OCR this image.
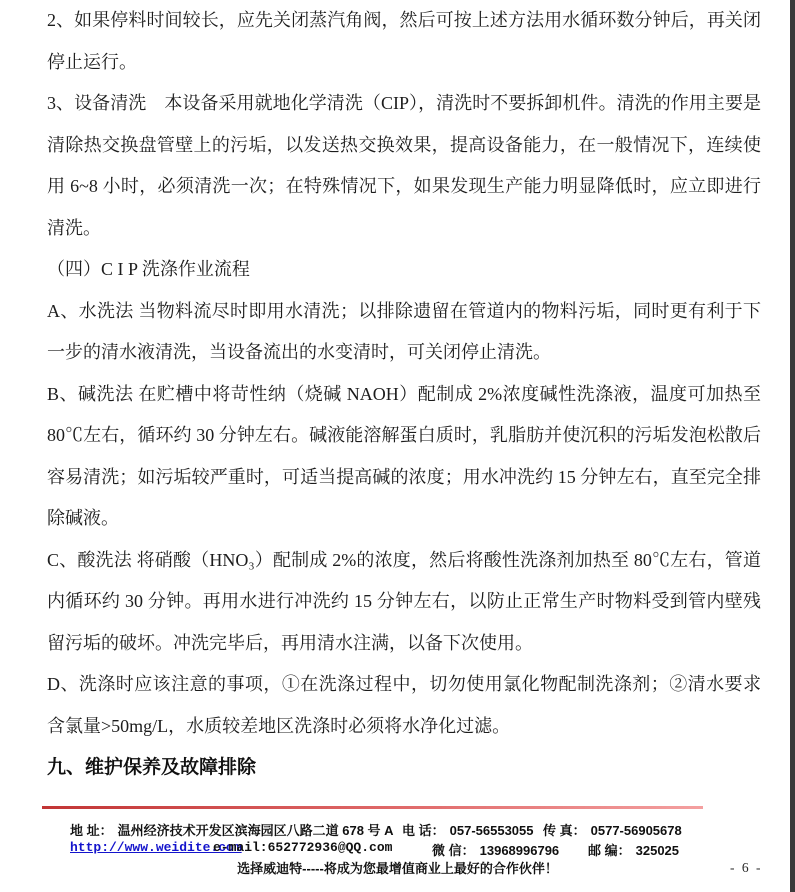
2、如果停料时间较长，应先关闭蒸汽角阀，然后可按上述方法用水循环数分钟后，再关闭停止运行。

3、设备清洗　本设备采用就地化学清洗（CIP），清洗时不要拆卸机件。清洗的作用主要是清除热交换盘管壁上的污垢，以发送热交换效果，提高设备能力，在一般情况下，连续使用 6~8 小时，必须清洗一次；在特殊情况下，如果发现生产能力明显降低时，应立即进行清洗。

（四）C I P 洗涤作业流程

A、水洗法 当物料流尽时即用水清洗；以排除遗留在管道内的物料污垢，同时更有利于下一步的清水液清洗，当设备流出的水变清时，可关闭停止清洗。

B、碱洗法 在贮槽中将苛性纳（烧碱 NAOH）配制成 2%浓度碱性洗涤液，温度可加热至 80℃左右，循环约 30 分钟左右。碱液能溶解蛋白质时，乳脂肪并使沉积的污垢发泡松散后容易清洗；如污垢较严重时，可适当提高碱的浓度；用水冲洗约 15 分钟左右，直至完全排除碱液。

C、酸洗法 将硝酸（HNO₃）配制成 2%的浓度，然后将酸性洗涤剂加热至 80℃左右，管道内循环约 30 分钟。再用水进行冲洗约 15 分钟左右，以防止正常生产时物料受到管内壁残留污垢的破坏。冲洗完毕后，再用清水注满，以备下次使用。

D、洗涤时应该注意的事项，①在洗涤过程中，切勿使用氯化物配制洗涤剂；②清水要求含氯量>50mg/L，水质较差地区洗涤时必须将水净化过滤。

九、维护保养及故障排除
地 址： 温州经济技术开发区滨海园区八路二道 678 号 A 电 话： 057-56553055 传 真： 0577-56905678
http://www.weidite.com
e-mail:652772936@QQ.com	微 信： 13968996796 邮 编： 325025
选择威迪特-----将成为您最增值商业上最好的合作伙伴！	- 6 -
